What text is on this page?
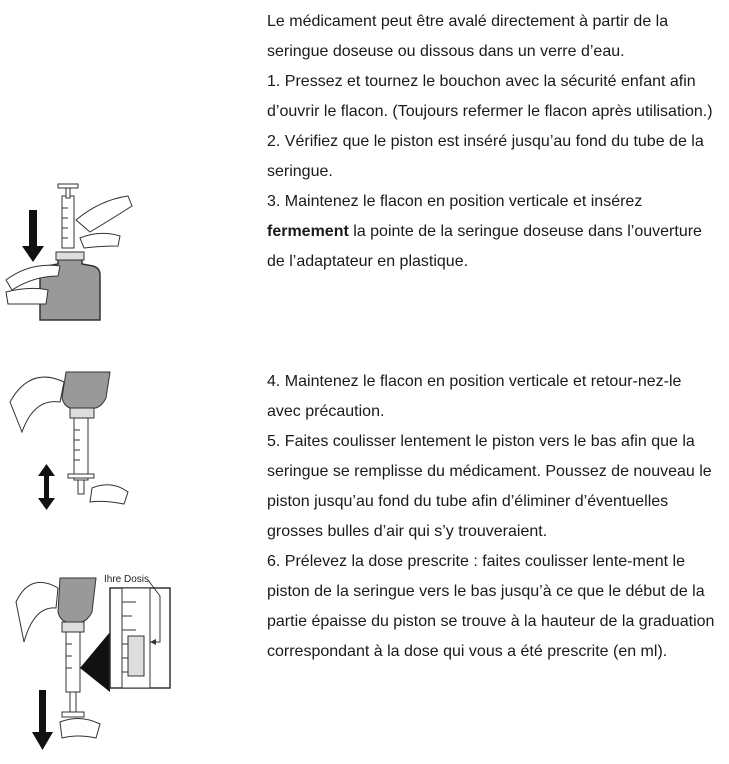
Le médicament peut être avalé directement à partir de la seringue doseuse ou dissous dans un verre d’eau.

1. Pressez et tournez le bouchon avec la sécurité enfant afin d’ouvrir le flacon. (Toujours refermer le flacon après utilisation.)

2. Vérifiez que le piston est inséré jusqu’au fond du tube de la seringue.

3. Maintenez le flacon en position verticale et insérez fermement la pointe de la seringue doseuse dans l’ouverture de l’adaptateur en plastique.

4. Maintenez le flacon en position verticale et retour-nez-le avec précaution.

5. Faites coulisser lentement le piston vers le bas afin que la seringue se remplisse du médicament. Poussez de nouveau le piston jusqu’au fond du tube afin d’éliminer d’éventuelles grosses bulles d’air qui s’y trouveraient.

6. Prélevez la dose prescrite : faites coulisser lente-ment le piston de la seringue vers le bas jusqu’à ce que le début de la partie épaisse du piston se trouve à la hauteur de la graduation correspondant à la dose qui vous a été prescrite (en ml).

Ihre Dosis
